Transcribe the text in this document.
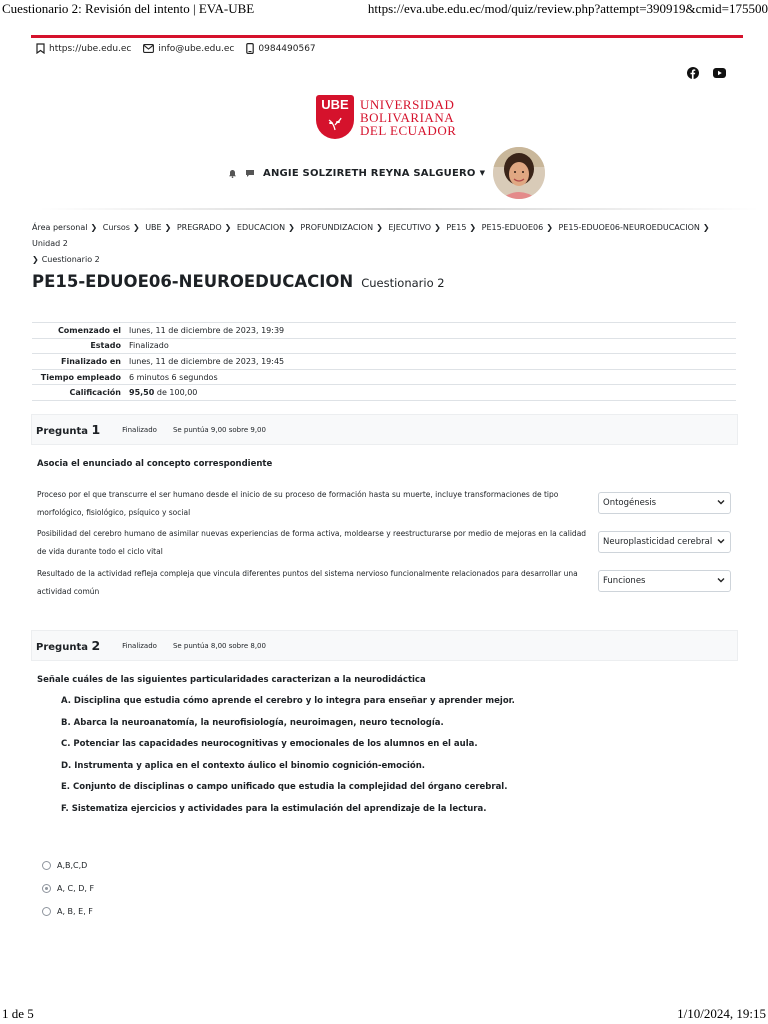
Cuestionario 2: Revisión del intento | EVA-UBE	https://eva.ube.edu.ec/mod/quiz/review.php?attempt=390919&cmid=175500
https://ube.edu.ec	info@ube.edu.ec	0984490567
UBE UNIVERSIDAD
BOLIVARIANA
DEL ECUADOR
ANGIE SOLZIRETH REYNA SALGUERO ▼
Área personal ❯ Cursos ❯ UBE ❯ PREGRADO ❯ EDUCACION ❯ PROFUNDIZACION ❯ EJECUTIVO ❯ PE15 ❯ PE15-EDUOE06 ❯ PE15-EDUOE06-NEUROEDUCACION ❯ Unidad 2
❯ Cuestionario 2
PE15-EDUOE06-NEUROEDUCACION Cuestionario 2
Comenzado el	lunes, 11 de diciembre de 2023, 19:39
Estado	Finalizado
Finalizado en	lunes, 11 de diciembre de 2023, 19:45
Tiempo empleado	6 minutos 6 segundos
Calificación	95,50 de 100,00
Pregunta 1	Finalizado Se puntúa 9,00 sobre 9,00
Asocia el enunciado al concepto correspondiente
Proceso por el que transcurre el ser humano desde el inicio de su proceso de formación hasta su muerte, incluye transformaciones de tipo morfológico, fisiológico, psíquico y social
Ontogénesis
Posibilidad del cerebro humano de asimilar nuevas experiencias de forma activa, moldearse y reestructurarse por medio de mejoras en la calidad de vida durante todo el ciclo vital
Neuroplasticidad cerebral
Resultado de la actividad refleja compleja que vincula diferentes puntos del sistema nervioso funcionalmente relacionados para desarrollar una actividad común
Funciones
Pregunta 2	Finalizado Se puntúa 8,00 sobre 8,00
Señale cuáles de las siguientes particularidades caracterizan a la neurodidáctica
A. Disciplina que estudia cómo aprende el cerebro y lo integra para enseñar y aprender mejor.
B. Abarca la neuroanatomía, la neurofisiología, neuroimagen, neuro tecnología.
C. Potenciar las capacidades neurocognitivas y emocionales de los alumnos en el aula.
D. Instrumenta y aplica en el contexto áulico el binomio cognición-emoción.
E. Conjunto de disciplinas o campo unificado que estudia la complejidad del órgano cerebral.
F. Sistematiza ejercicios y actividades para la estimulación del aprendizaje de la lectura.
A,B,C,D
A, C, D, F
A, B, E, F
1 de 5	1/10/2024, 19:15
